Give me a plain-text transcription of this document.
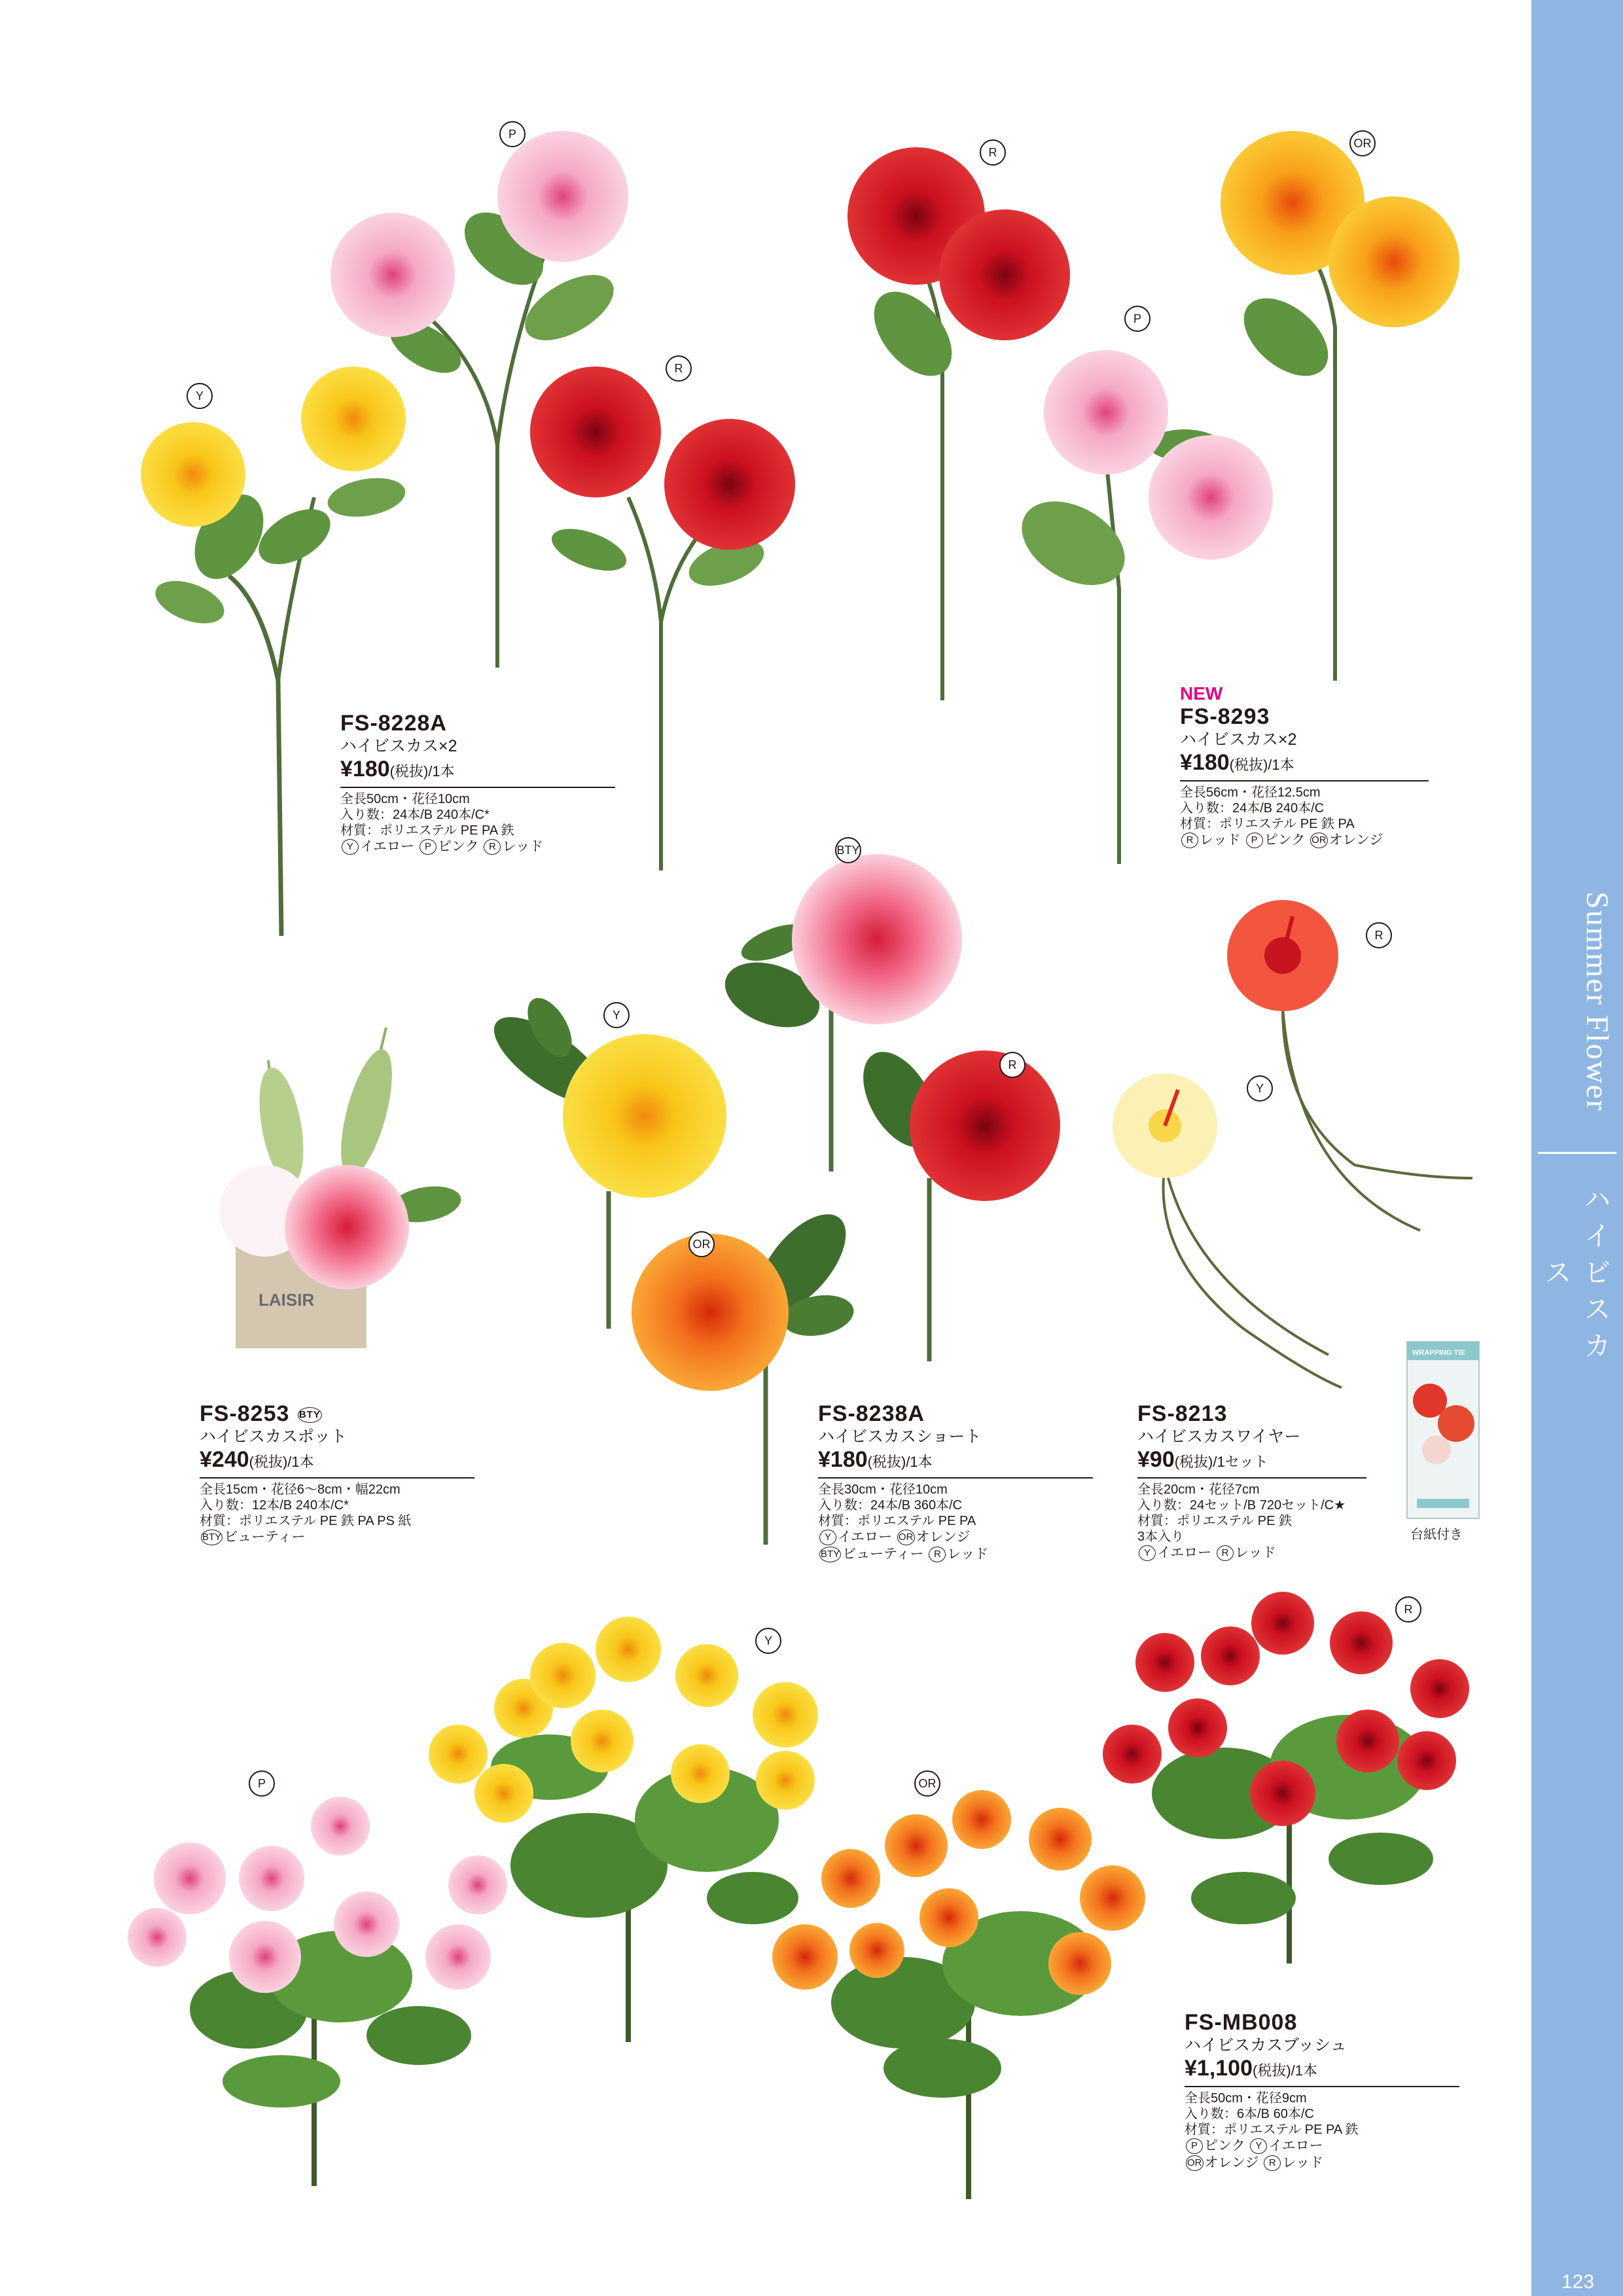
LAISIR
WRAPPING TIE
Y
P
R
R
P
OR
BTY
Y
R
OR
R
Y
Y
P	OR
R
FS-8228A
ハイビスカス×2
¥180(税抜)/1本
全長50cm・花径10cm
入り数：24本/B 240本/C*
材質：ポリエステル PE PA 鉄
Y イエロー P ピンク R レッド
NEW
FS-8293
ハイビスカス×2
¥180(税抜)/1本
全長56cm・花径12.5cm
入り数：24本/B 240本/C
材質：ポリエステル PE 鉄 PA
R レッド P ピンク OR オレンジ
FS-8253 BTY
ハイビスカスポット
¥240(税抜)/1本
全長15cm・花径6〜8cm・幅22cm
入り数：12本/B 240本/C*
材質：ポリエステル PE 鉄 PA PS 紙
BTY ビューティー
FS-8238A
ハイビスカスショート
¥180(税抜)/1本
全長30cm・花径10cm
入り数：24本/B 360本/C
材質：ポリエステル PE PA
Y イエロー OR オレンジ
BTY ビューティー R レッド
FS-8213
ハイビスカスワイヤー
¥90(税抜)/1セット
全長20cm・花径7cm
入り数：24セット/B 720セット/C★
材質：ポリエステル PE 鉄
3本入り
Y イエロー R レッド
台紙付き
FS-MB008
ハイビスカスブッシュ
¥1,100(税抜)/1本
全長50cm・花径9cm
入り数：6本/B 60本/C
材質：ポリエステル PE PA 鉄
P ピンク Y イエロー
OR オレンジ R レッド
Summer Flower
ハイビスカス
123
